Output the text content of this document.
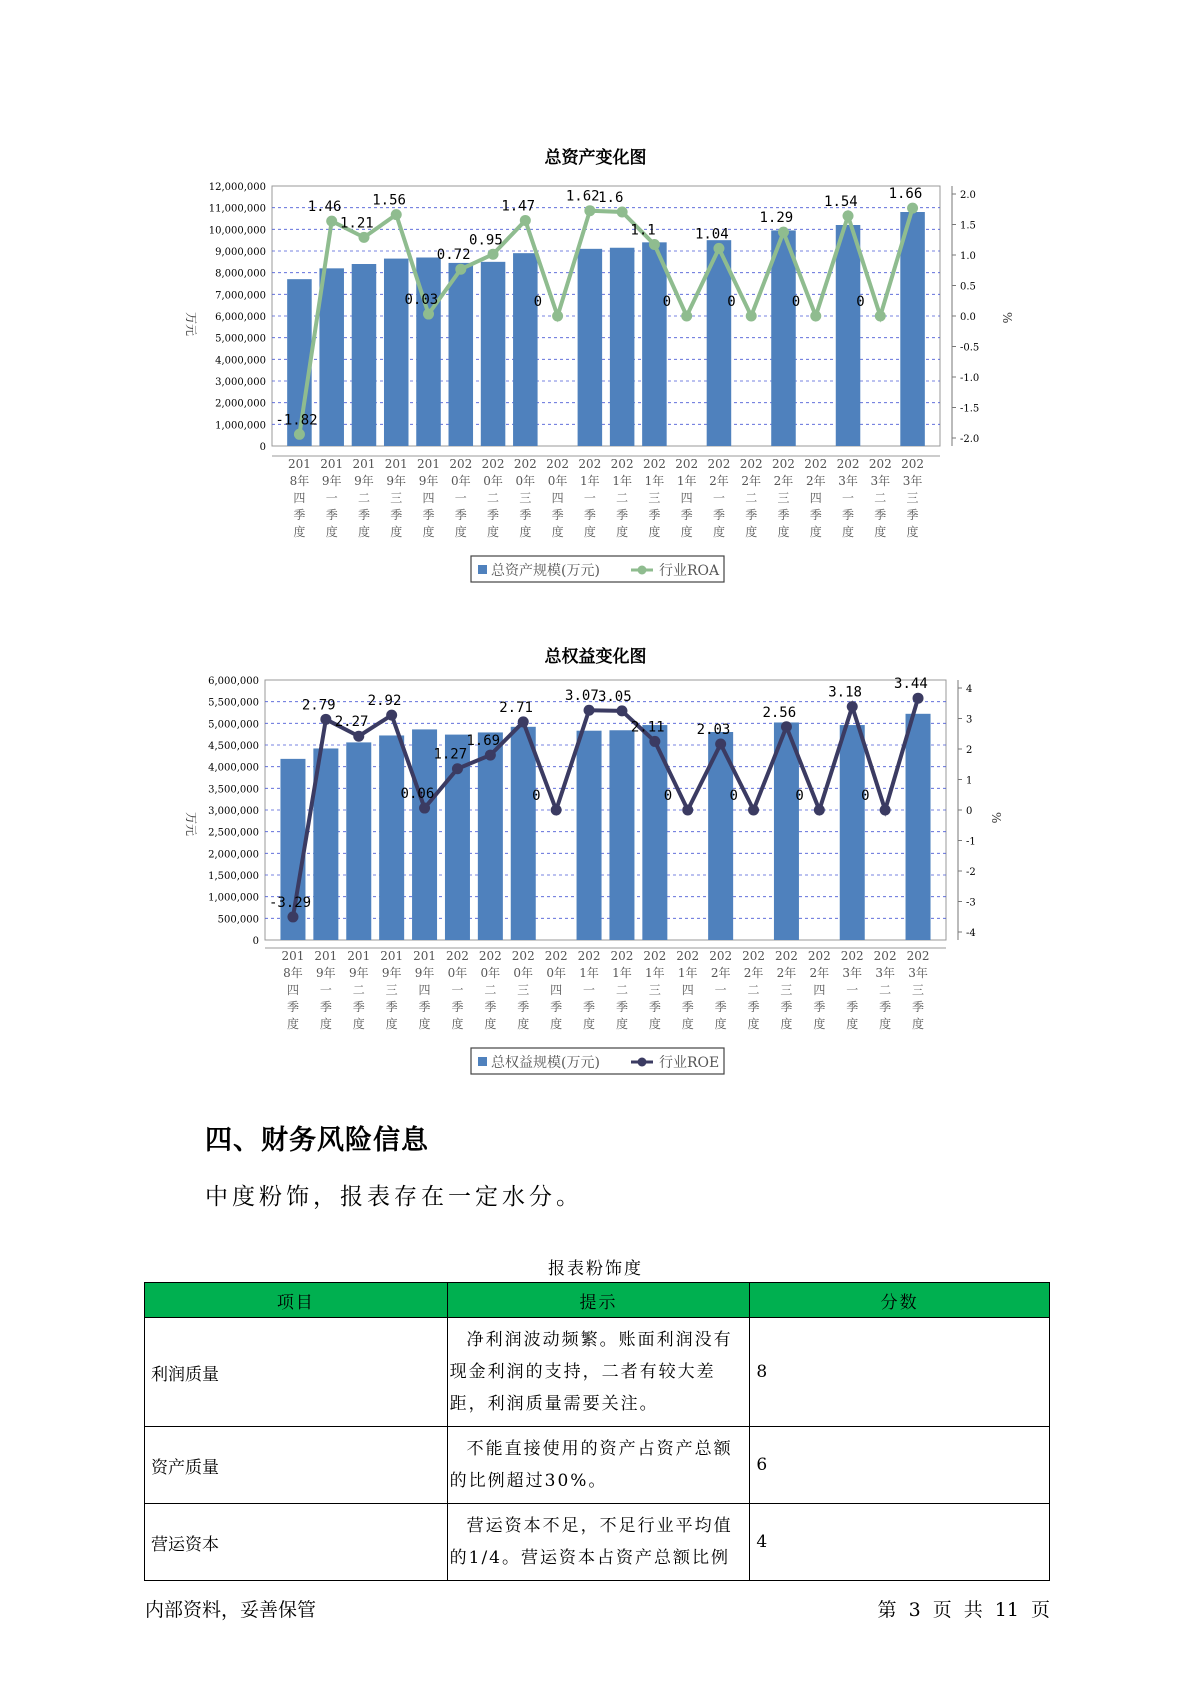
总资产变化图
12,000,000
11,000,000
10,000,000
9,000,000
8,000,000
7,000,000
6,000,000
5,000,000
4,000,000
3,000,000
2,000,000
1,000,000
0
2.0
1.5
1.0
0.5
0.0
-0.5
-1.0
-1.5
-2.0
万元	%
-1.82
1.46
1.21
1.56
0.03
0.72
0.95
1.47
0
1.62
1.6
1.1
0
1.04
0
1.29
0
1.54
0
1.66
201 8年四季度
201 9年一季度
201 9年二季度
201 9年三季度
201 9年四季度
202 0年一季度
202 0年二季度
202 0年三季度
202 0年四季度
202 1年一季度
202 1年二季度
202 1年三季度
202 1年四季度
202 2年一季度
202 2年二季度
202 2年三季度
202 2年四季度
202 3年一季度
202 3年二季度
202 3年三季度
总资产规模(万元)	行业ROA
总权益变化图
6,000,000
5,500,000
5,000,000
4,500,000
4,000,000
3,500,000
3,000,000
2,500,000
2,000,000
1,500,000
1,000,000
500,000
0
4
3
2
1
0
-1
-2
-3
-4
万元	%
-3.29
2.79
2.27
2.92
0.06
1.27
1.69
2.71
0
3.07 3.05
2.11
0
2.03
0
2.56
0
3.18
0
3.44
201 8年四季度
201 9年一季度
201 9年二季度
201 9年三季度
201 9年四季度
202 0年一季度
202 0年二季度
202 0年三季度
202 0年四季度
202 1年一季度
202 1年二季度
202 1年三季度
202 1年四季度
202 2年一季度
202 2年二季度
202 2年三季度
202 2年四季度
202 3年一季度
202 3年二季度
202 3年三季度
总权益规模(万元)	行业ROE
四、财务风险信息
中度粉饰，报表存在一定水分。
报表粉饰度
项目	提示	分数
利润质量	净利润波动频繁。账面利润没有现金利润的支持，二者有较大差距，利润质量需要关注。	8
资产质量	不能直接使用的资产占资产总额的比例超过30%。	6
营运资本	营运资本不足，不足行业平均值的1/4。营运资本占资产总额比例	4
内部资料，妥善保管	第 3 页 共 11 页
